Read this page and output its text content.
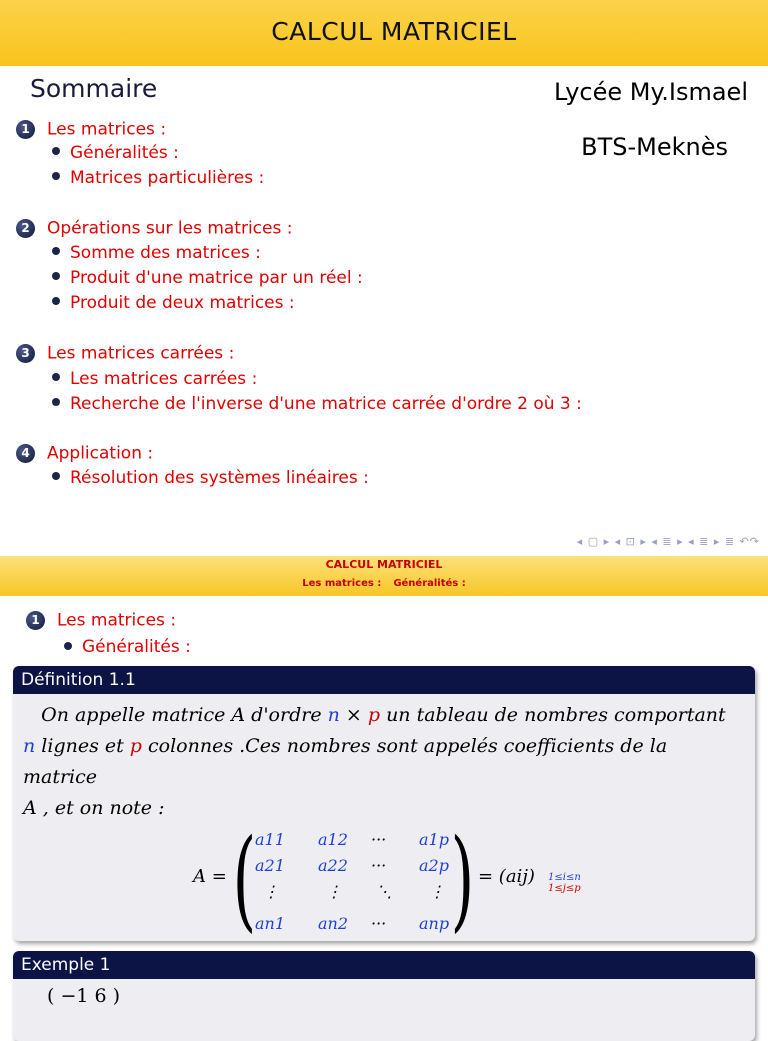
CALCUL MATRICIEL
Sommaire	Lycée My.Ismael
BTS-Meknès
1 Les matrices :
Généralités :
Matrices particulières :
2 Opérations sur les matrices :
Somme des matrices :
Produit d'une matrice par un réel :
Produit de deux matrices :
3 Les matrices carrées :
Les matrices carrées :
Recherche de l'inverse d'une matrice carrée d'ordre 2 où 3 :
4 Application :
Résolution des systèmes linéaires :
◂ ▢ ▸ ◂ ⊡ ▸ ◂ ≣ ▸ ◂ ≣ ▸ ≣ ↶↷
CALCUL MATRICIEL
Les matrices : Généralités :
1 Les matrices :
Généralités :
Définition 1.1

On appelle matrice A d'ordre n × p un tableau de nombres comportant

n lignes et p colonnes .Ces nombres sont appelés coefficients de la matrice

A , et on note :

A = ( )
a11 a12 ··· a1p
a21 a22 ··· a2p
⋮	⋮ ⋱ ⋮
an1 an2 ··· anp
= (aij) 1≤i≤n
1≤j≤p
Exemple 1
( −1 6 )
